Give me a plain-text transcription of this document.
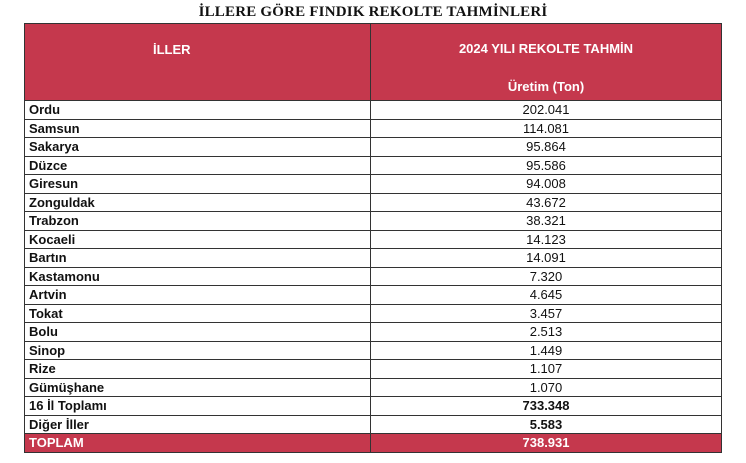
İLLERE GÖRE FINDIK REKOLTE TAHMİNLERİ
İLLER	2024 YILI REKOLTE TAHMİN
	Üretim (Ton)
Ordu	202.041
Samsun	114.081
Sakarya	95.864
Düzce	95.586
Giresun	94.008
Zonguldak	43.672
Trabzon	38.321
Kocaeli	14.123
Bartın	14.091
Kastamonu	7.320
Artvin	4.645
Tokat	3.457
Bolu	2.513
Sinop	1.449
Rize	1.107
Gümüşhane	1.070
16 İl Toplamı	733.348
Diğer İller	5.583
TOPLAM	738.931
